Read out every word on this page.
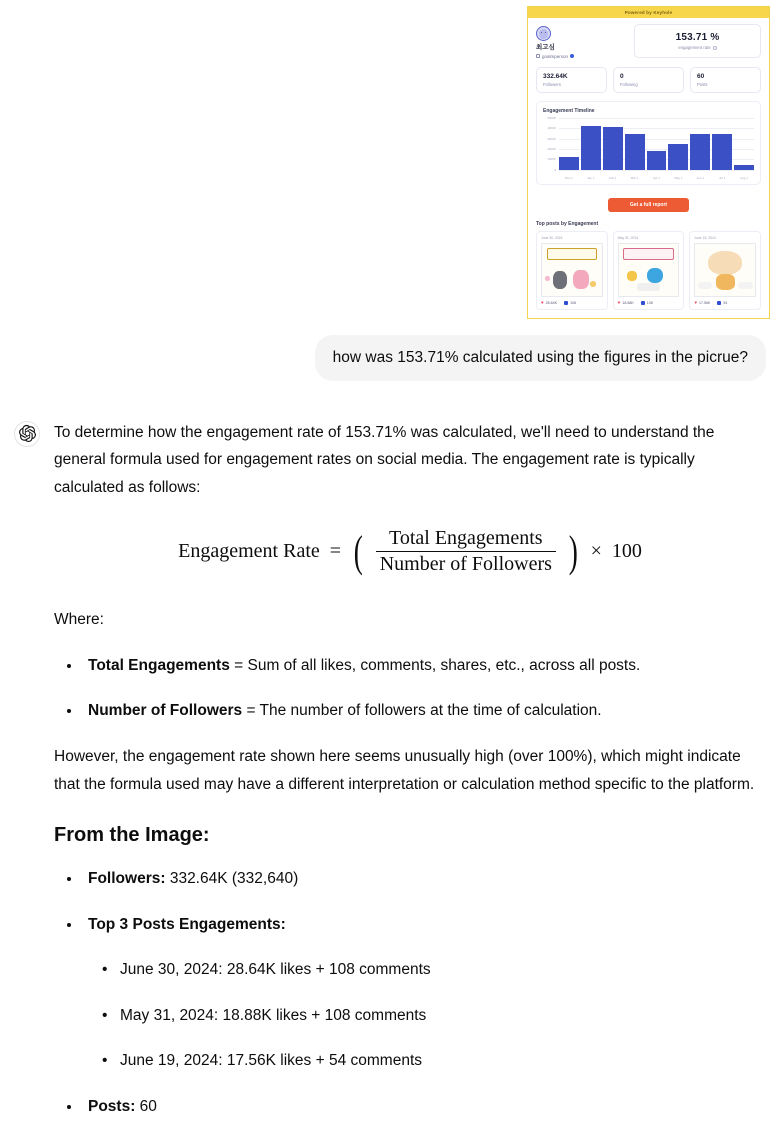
Powered by Keyhole
최고심
goalmperson
153.71 %
engagement rate
332.64K
Followers
0
Following
60
Posts
Engagement Timeline
0
1000K
2000K
3000K
4000K
5000K
Dec 1	Jan 1	Feb 1	Mar 1	Apr 1	May 1	Jun 1	Jul 1	Aug 1
Get a full report
Top posts by Engagement
June 30, 2024
♥ 28.64K	108
May 31, 2024
♥ 18.88K	108
June 19, 2024
♥ 17.56K	54
how was 153.71% calculated using the figures in the picrue?

To determine how the engagement rate of 153.71% was calculated, we'll need to understand the general formula used for engagement rates on social media. The engagement rate is typically calculated as follows:

Engagement Rate = ( $\frac{\text{Total Engagements}}{\text{Number of Followers}}$ ) × 100

Where:

• Total Engagements = Sum of all likes, comments, shares, etc., across all posts.
• Number of Followers = The number of followers at the time of calculation.

However, the engagement rate shown here seems unusually high (over 100%), which might indicate that the formula used may have a different interpretation or calculation method specific to the platform.

From the Image:
• Followers: 332.64K (332,640)
• Top 3 Posts Engagements:
• June 30, 2024: 28.64K likes + 108 comments
• May 31, 2024: 18.88K likes + 108 comments
• June 19, 2024: 17.56K likes + 54 comments
• Posts: 60
